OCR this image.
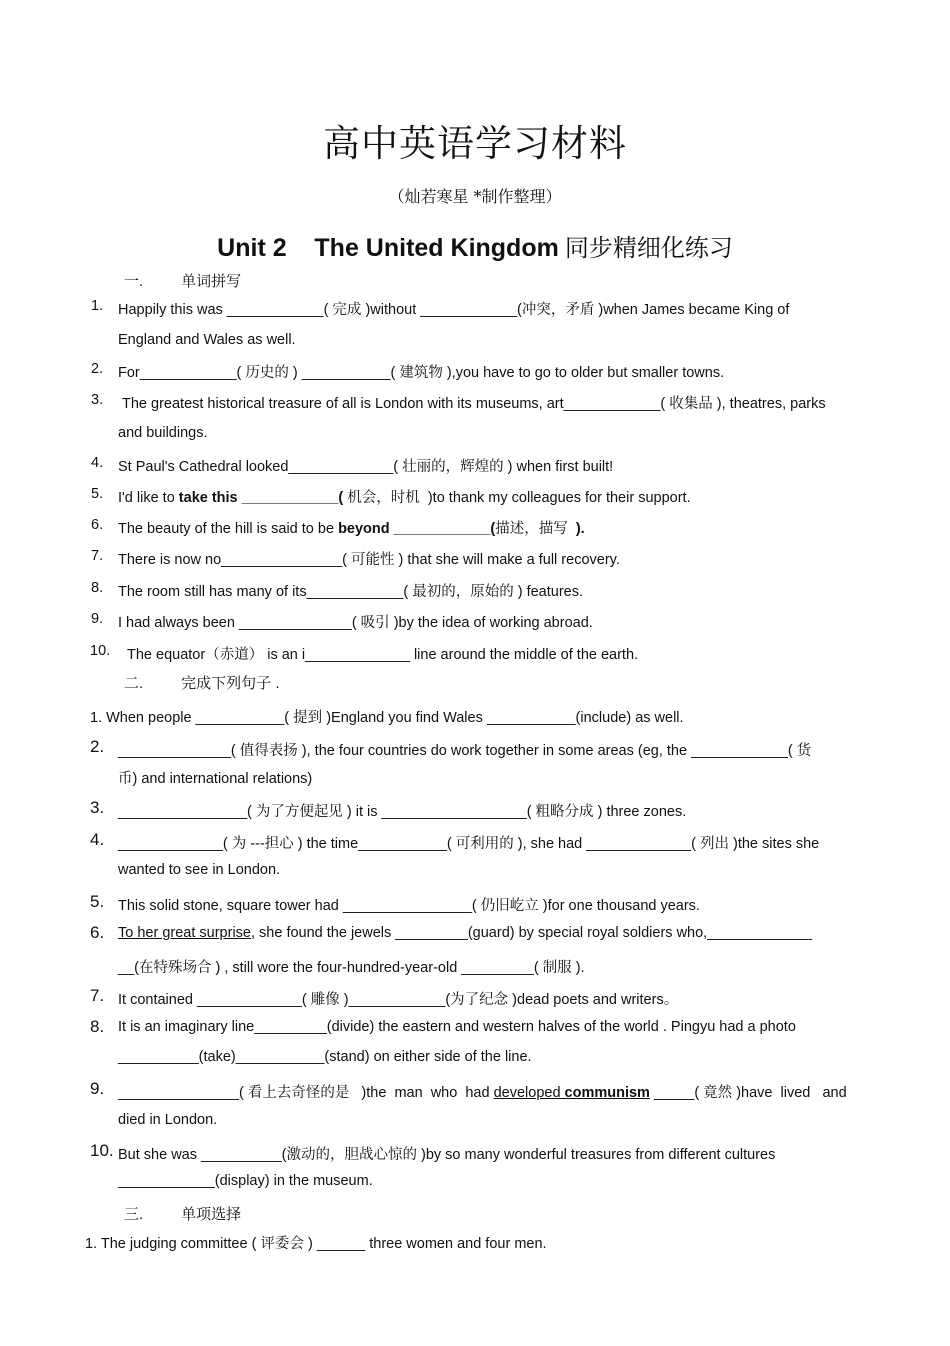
高中英语学习材料
（灿若寒星 *制作整理）
Unit 2    The United Kingdom 同步精细化练习
一.	单词拼写
1. Happily this was ____________( 完成 )without ____________(冲突，矛盾 )when James became King of
England and Wales as well.
2. For____________( 历史的 ) ___________( 建筑物 ),you have to go to older but smaller towns.
3. The greatest historical treasure of all is London with its museums, art____________( 收集品 ), theatres, parks
and buildings.
4. St Paul's Cathedral looked_____________( 壮丽的，辉煌的 ) when first built!
5. I'd like to take this ____________( 机会，时机  )to thank my colleagues for their support.
6. The beauty of the hill is said to be beyond ____________(描述，描写  ).
7. There is now no_______________( 可能性 ) that she will make a full recovery.
8. The room still has many of its____________( 最初的，原始的 ) features.
9. I had always been ______________( 吸引 )by the idea of working abroad.
10. The equator（赤道） is an i_____________ line around the middle of the earth.
二.	完成下列句子 .
1. When people ___________( 提到 )England you find Wales ___________(include) as well.
2. ______________( 值得表扬 ), the four countries do work together in some areas (eg, the ____________( 货
币) and international relations)
3. ________________( 为了方便起见 ) it is __________________( 粗略分成 ) three zones.
4. _____________( 为 ---担心 ) the time___________( 可利用的 ), she had _____________( 列出 )the sites she
wanted to see in London.
5. This solid stone, square tower had ________________( 仍旧屹立 )for one thousand years.
6. To her great surprise, she found the jewels _________(guard) by special royal soldiers who,_____________
__(在特殊场合 ) , still wore the four-hundred-year-old _________( 制服 ).
7. It contained _____________( 雕像 )____________(为了纪念 )dead poets and writers。
8. It is an imaginary line_________(divide) the eastern and western halves of the world . Pingyu had a photo
__________(take)___________(stand) on either side of the line.
9. _______________( 看上去奇怪的是   )the  man  who  had developed communism _____( 竟然 )have  lived   and
died in London.
10. But she was __________(激动的，胆战心惊的 )by so many wonderful treasures from different cultures
____________(display) in the museum.
三.	单项选择
1. The judging committee ( 评委会 ) ______ three women and four men.
